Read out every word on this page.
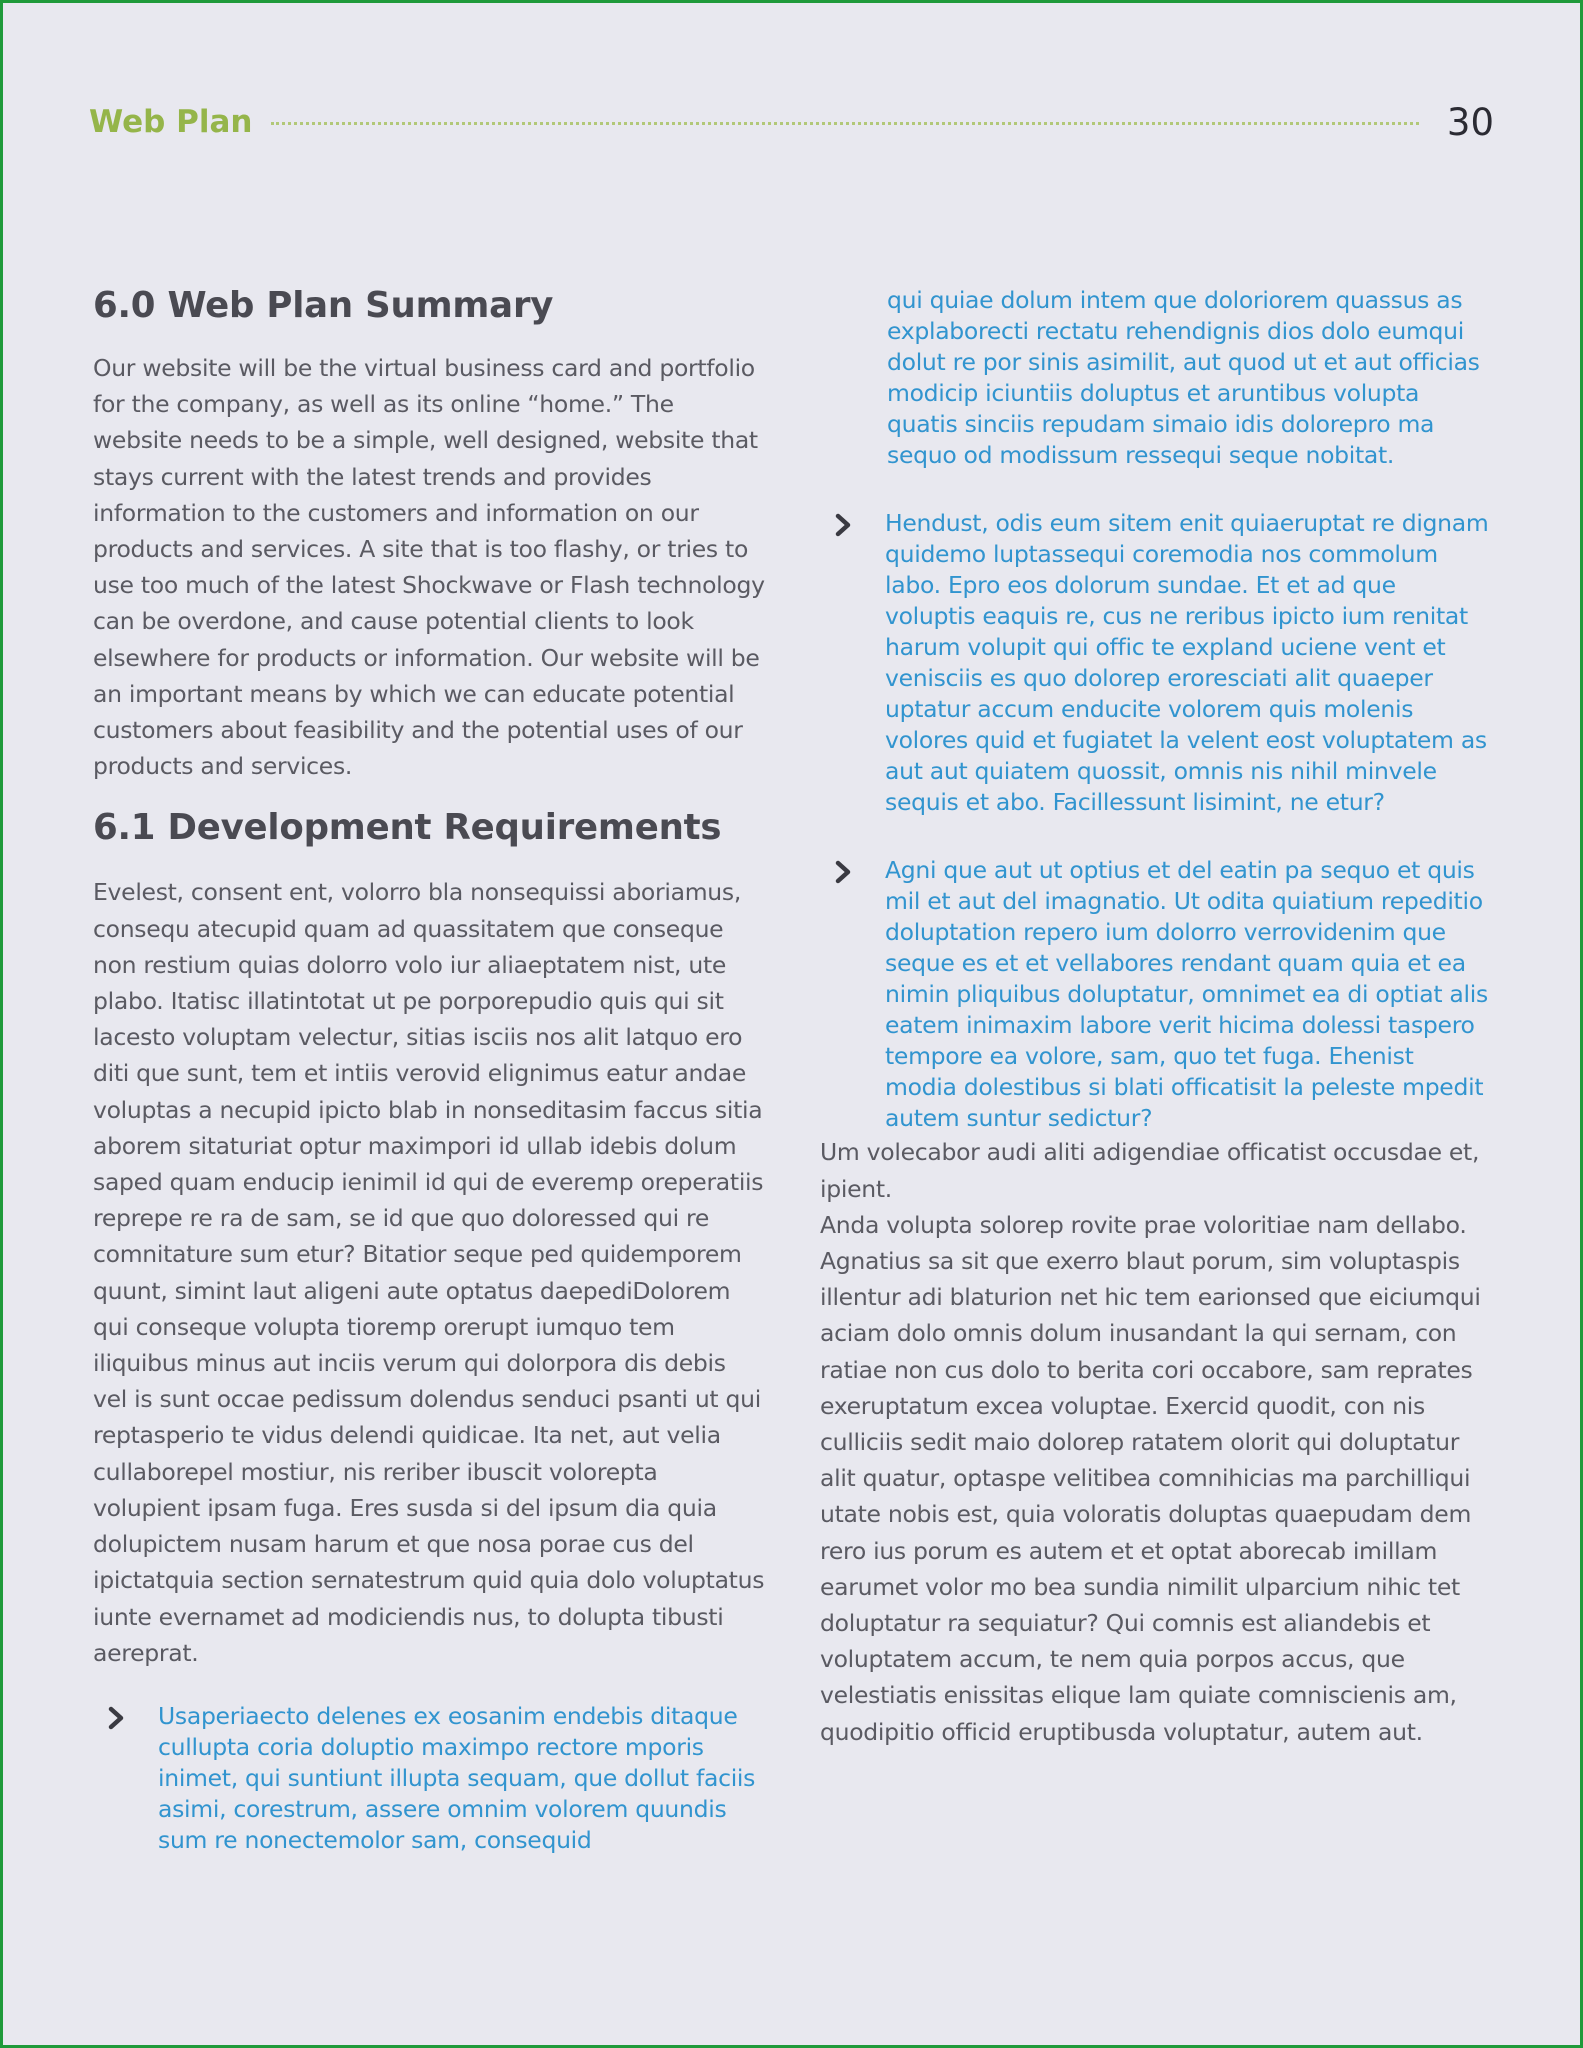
Web Plan	30
6.0 Web Plan Summary

Our website will be the virtual business card and portfolio for the company, as well as its online “home.” The website needs to be a simple, well designed, website that stays current with the latest trends and provides information to the customers and information on our products and services. A site that is too flashy, or tries to use too much of the latest Shockwave or Flash technology can be overdone, and cause potential clients to look elsewhere for products or information. Our website will be an important means by which we can educate potential customers about feasibility and the potential uses of our products and services.

6.1 Development Requirements

Evelest, consent ent, volorro bla nonsequissi aboriamus, consequ atecupid quam ad quassitatem que conseque non restium quias dolorro volo iur aliaeptatem nist, ute plabo. Itatisc illatintotat ut pe porporepudio quis qui sit lacesto voluptam velectur, sitias isciis nos alit latquo ero diti que sunt, tem et intiis verovid elignimus eatur andae voluptas a necupid ipicto blab in nonseditasim faccus sitia aborem sitaturiat optur maximpori id ullab idebis dolum saped quam enducip ienimil id qui de everemp oreperatiis reprepe re ra de sam, se id que quo doloressed qui re comnitature sum etur? Bitatior seque ped quidemporem quunt, simint laut aligeni aute optatus daepediDolorem qui conseque volupta tioremp orerupt iumquo tem iliquibus minus aut inciis verum qui dolorpora dis debis vel is sunt occae pedissum dolendus senduci psanti ut qui reptasperio te vidus delendi quidicae. Ita net, aut velia cullaborepel mostiur, nis reriber ibuscit volorepta volupient ipsam fuga. Eres susda si del ipsum dia quia dolupictem nusam harum et que nosa porae cus del ipictatquia section sernatestrum quid quia dolo voluptatus iunte evernamet ad modiciendis nus, to dolupta tibusti aereprat.

Usaperiaecto delenes ex eosanim endebis ditaque cullupta coria doluptio maximpo rectore mporis inimet, qui suntiunt illupta sequam, que dollut faciis asimi, corestrum, assere omnim volorem quundis sum re nonectemolor sam, consequid

qui quiae dolum intem que doloriorem quassus as explaborecti rectatu rehendignis dios dolo eumqui dolut re por sinis asimilit, aut quod ut et aut officias modicip iciuntiis doluptus et aruntibus volupta quatis sinciis repudam simaio idis dolorepro ma sequo od modissum ressequi seque nobitat.

Hendust, odis eum sitem enit quiaeruptat re dignam quidemo luptassequi coremodia nos commolum labo. Epro eos dolorum sundae. Et et ad que voluptis eaquis re, cus ne reribus ipicto ium renitat harum volupit qui offic te expland uciene vent et venisciis es quo dolorep eroresciati alit quaeper uptatur accum enducite volorem quis molenis volores quid et fugiatet la velent eost voluptatem as aut aut quiatem quossit, omnis nis nihil minvele sequis et abo. Facillessunt lisimint, ne etur?

Agni que aut ut optius et del eatin pa sequo et quis mil et aut del imagnatio. Ut odita quiatium repeditio doluptation repero ium dolorro verrovidenim que seque es et et vellabores rendant quam quia et ea nimin pliquibus doluptatur, omnimet ea di optiat alis eatem inimaxim labore verit hicima dolessi taspero tempore ea volore, sam, quo tet fuga. Ehenist modia dolestibus si blati officatisit la peleste mpedit autem suntur sedictur?

Um volecabor audi aliti adigendiae officatist occusdae et, ipient.

Anda volupta solorep rovite prae voloritiae nam dellabo. Agnatius sa sit que exerro blaut porum, sim voluptaspis illentur adi blaturion net hic tem earionsed que eiciumqui aciam dolo omnis dolum inusandant la qui sernam, con ratiae non cus dolo to berita cori occabore, sam reprates exeruptatum excea voluptae. Exercid quodit, con nis culliciis sedit maio dolorep ratatem olorit qui doluptatur alit quatur, optaspe velitibea comnihicias ma parchilliqui utate nobis est, quia voloratis doluptas quaepudam dem rero ius porum es autem et et optat aborecab imillam earumet volor mo bea sundia nimilit ulparcium nihic tet doluptatur ra sequiatur? Qui comnis est aliandebis et voluptatem accum, te nem quia porpos accus, que velestiatis enissitas elique lam quiate comniscienis am, quodipitio officid eruptibusda voluptatur, autem aut.
